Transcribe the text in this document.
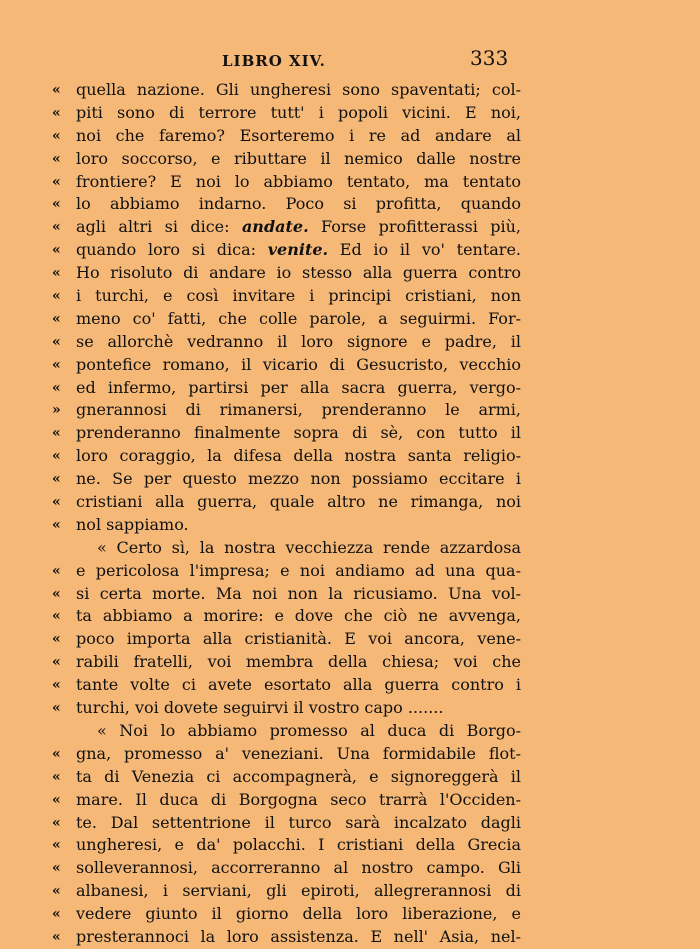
LIBRO XIV.	333
« quella nazione. Gli ungheresi sono spaventati; col-
« piti sono di terrore tutt' i popoli vicini. E noi,
« noi che faremo? Esorteremo i re ad andare al
« loro soccorso, e ributtare il nemico dalle nostre
« frontiere? E noi lo abbiamo tentato, ma tentato
« lo abbiamo indarno. Poco si profitta, quando
« agli altri si dice: andate. Forse profitterassi più,
« quando loro si dica: venite. Ed io il vo' tentare.
« Ho risoluto di andare io stesso alla guerra contro
« i turchi, e così invitare i principi cristiani, non
« meno co' fatti, che colle parole, a seguirmi. For-
« se allorchè vedranno il loro signore e padre, il
« pontefice romano, il vicario di Gesucristo, vecchio
« ed infermo, partirsi per alla sacra guerra, vergo-
» gnerannosi di rimanersi, prenderanno le armi,
« prenderanno finalmente sopra di sè, con tutto il
« loro coraggio, la difesa della nostra santa religio-
« ne. Se per questo mezzo non possiamo eccitare i
« cristiani alla guerra, quale altro ne rimanga, noi
« nol sappiamo.
« Certo sì, la nostra vecchiezza rende azzardosa
« e pericolosa l'impresa; e noi andiamo ad una qua-
« si certa morte. Ma noi non la ricusiamo. Una vol-
« ta abbiamo a morire: e dove che ciò ne avvenga,
« poco importa alla cristianità. E voi ancora, vene-
« rabili fratelli, voi membra della chiesa; voi che
« tante volte ci avete esortato alla guerra contro i
« turchi, voi dovete seguirvi il vostro capo .......
« Noi lo abbiamo promesso al duca di Borgo-
« gna, promesso a' veneziani. Una formidabile flot-
« ta di Venezia ci accompagnerà, e signoreggerà il
« mare. Il duca di Borgogna seco trarrà l'Occiden-
« te. Dal settentrione il turco sarà incalzato dagli
« ungheresi, e da' polacchi. I cristiani della Grecia
« solleverannosi, accorreranno al nostro campo. Gli
« albanesi, i serviani, gli epiroti, allegrerannosi di
« vedere giunto il giorno della loro liberazione, e
« presterannoci la loro assistenza. E nell' Asia, nel-
